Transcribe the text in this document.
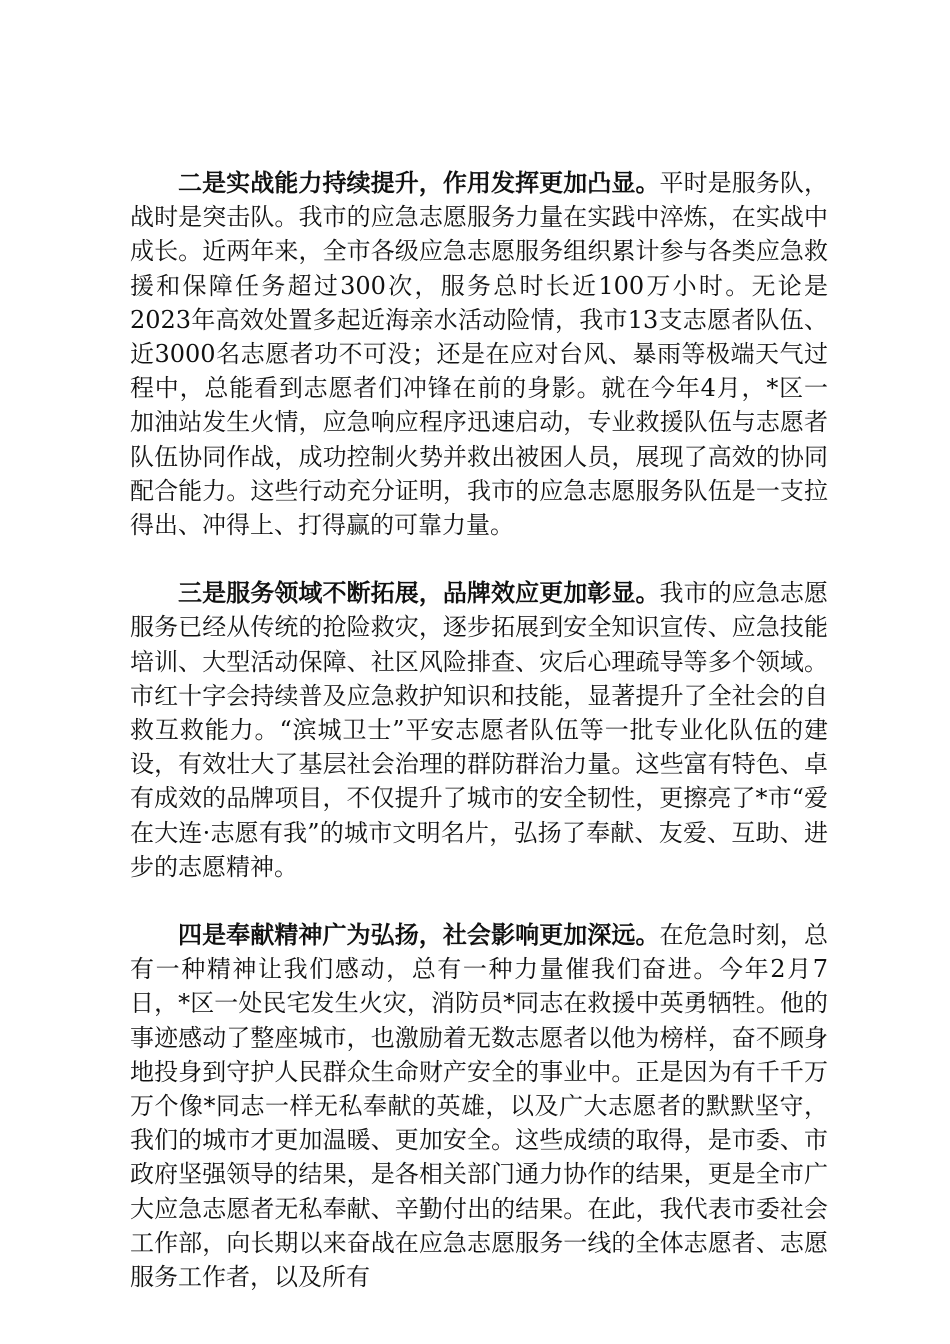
二是实战能力持续提升，作用发挥更加凸显。平时是服务队，战时是突击队。我市的应急志愿服务力量在实践中淬炼，在实战中成长。近两年来，全市各级应急志愿服务组织累计参与各类应急救援和保障任务超过300次，服务总时长近100万小时。无论是2023年高效处置多起近海亲水活动险情，我市13支志愿者队伍、近3000名志愿者功不可没；还是在应对台风、暴雨等极端天气过程中，总能看到志愿者们冲锋在前的身影。就在今年4月，*区一加油站发生火情，应急响应程序迅速启动，专业救援队伍与志愿者队伍协同作战，成功控制火势并救出被困人员，展现了高效的协同配合能力。这些行动充分证明，我市的应急志愿服务队伍是一支拉得出、冲得上、打得赢的可靠力量。

三是服务领域不断拓展，品牌效应更加彰显。我市的应急志愿服务已经从传统的抢险救灾，逐步拓展到安全知识宣传、应急技能培训、大型活动保障、社区风险排查、灾后心理疏导等多个领域。市红十字会持续普及应急救护知识和技能，显著提升了全社会的自救互救能力。“滨城卫士”平安志愿者队伍等一批专业化队伍的建设，有效壮大了基层社会治理的群防群治力量。这些富有特色、卓有成效的品牌项目，不仅提升了城市的安全韧性，更擦亮了*市“爱在大连·志愿有我”的城市文明名片，弘扬了奉献、友爱、互助、进步的志愿精神。

四是奉献精神广为弘扬，社会影响更加深远。在危急时刻，总有一种精神让我们感动，总有一种力量催我们奋进。今年2月7日，*区一处民宅发生火灾，消防员*同志在救援中英勇牺牲。他的事迹感动了整座城市，也激励着无数志愿者以他为榜样，奋不顾身地投身到守护人民群众生命财产安全的事业中。正是因为有千千万万个像*同志一样无私奉献的英雄，以及广大志愿者的默默坚守，我们的城市才更加温暖、更加安全。这些成绩的取得，是市委、市政府坚强领导的结果，是各相关部门通力协作的结果，更是全市广大应急志愿者无私奉献、辛勤付出的结果。在此，我代表市委社会工作部，向长期以来奋战在应急志愿服务一线的全体志愿者、志愿服务工作者，以及所有
